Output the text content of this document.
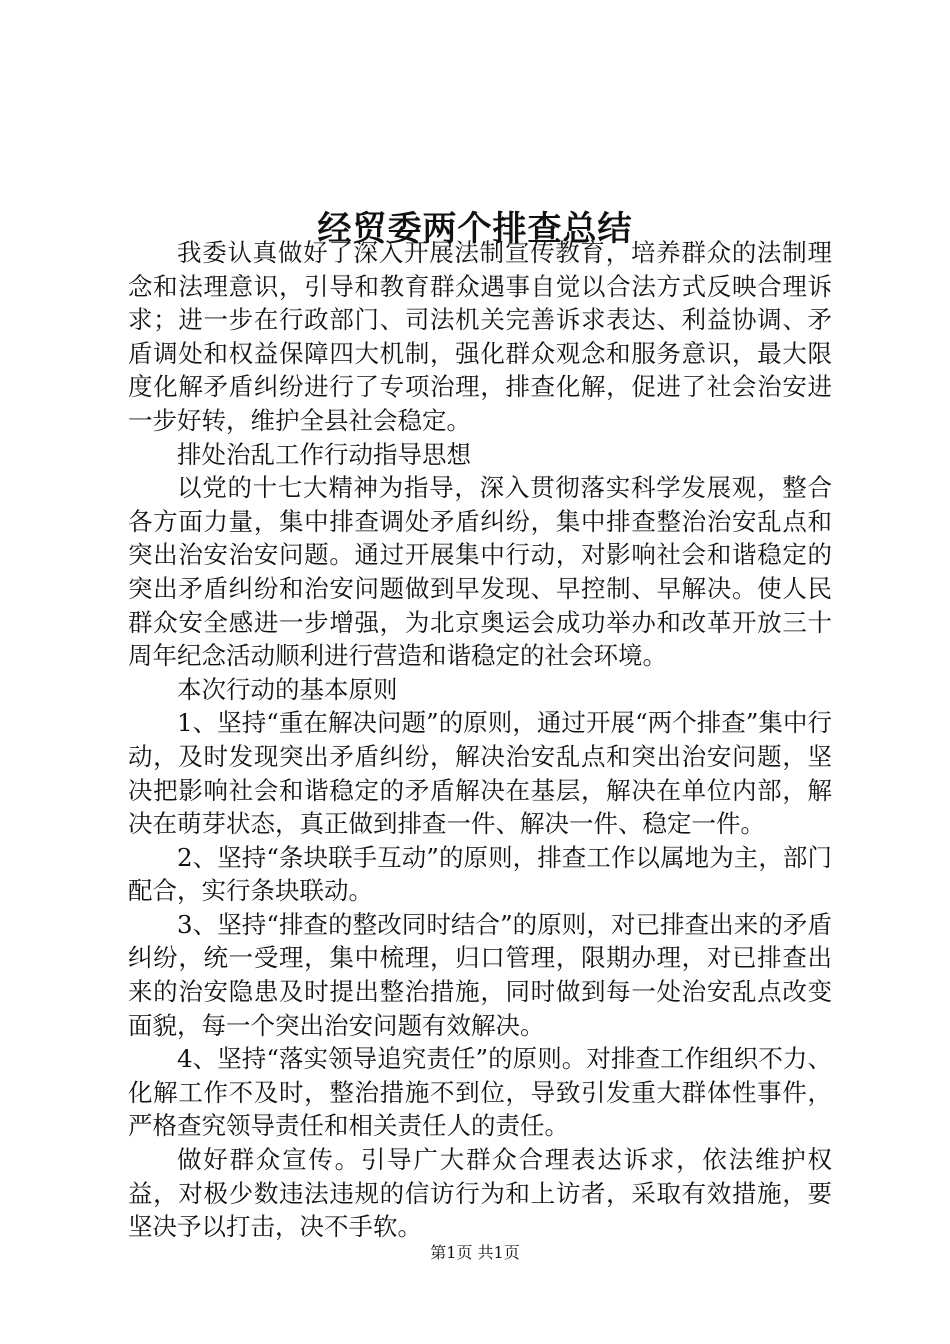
经贸委两个排查总结

我委认真做好了深入开展法制宣传教育，培养群众的法制理念和法理意识，引导和教育群众遇事自觉以合法方式反映合理诉求；进一步在行政部门、司法机关完善诉求表达、利益协调、矛盾调处和权益保障四大机制，强化群众观念和服务意识，最大限度化解矛盾纠纷进行了专项治理，排查化解，促进了社会治安进一步好转，维护全县社会稳定。

排处治乱工作行动指导思想

以党的十七大精神为指导，深入贯彻落实科学发展观，整合各方面力量，集中排查调处矛盾纠纷，集中排查整治治安乱点和突出治安治安问题。通过开展集中行动，对影响社会和谐稳定的突出矛盾纠纷和治安问题做到早发现、早控制、早解决。使人民群众安全感进一步增强，为北京奥运会成功举办和改革开放三十周年纪念活动顺利进行营造和谐稳定的社会环境。

本次行动的基本原则

1、坚持“重在解决问题”的原则，通过开展“两个排查”集中行动，及时发现突出矛盾纠纷，解决治安乱点和突出治安问题，坚决把影响社会和谐稳定的矛盾解决在基层，解决在单位内部，解决在萌芽状态，真正做到排查一件、解决一件、稳定一件。

2、坚持“条块联手互动”的原则，排查工作以属地为主，部门配合，实行条块联动。

3、坚持“排查的整改同时结合”的原则，对已排查出来的矛盾纠纷，统一受理，集中梳理，归口管理，限期办理，对已排查出来的治安隐患及时提出整治措施，同时做到每一处治安乱点改变面貌，每一个突出治安问题有效解决。

4、坚持“落实领导追究责任”的原则。对排查工作组织不力、化解工作不及时，整治措施不到位，导致引发重大群体性事件，严格查究领导责任和相关责任人的责任。

做好群众宣传。引导广大群众合理表达诉求，依法维护权益，对极少数违法违规的信访行为和上访者，采取有效措施，要坚决予以打击，决不手软。

第1页 共1页
